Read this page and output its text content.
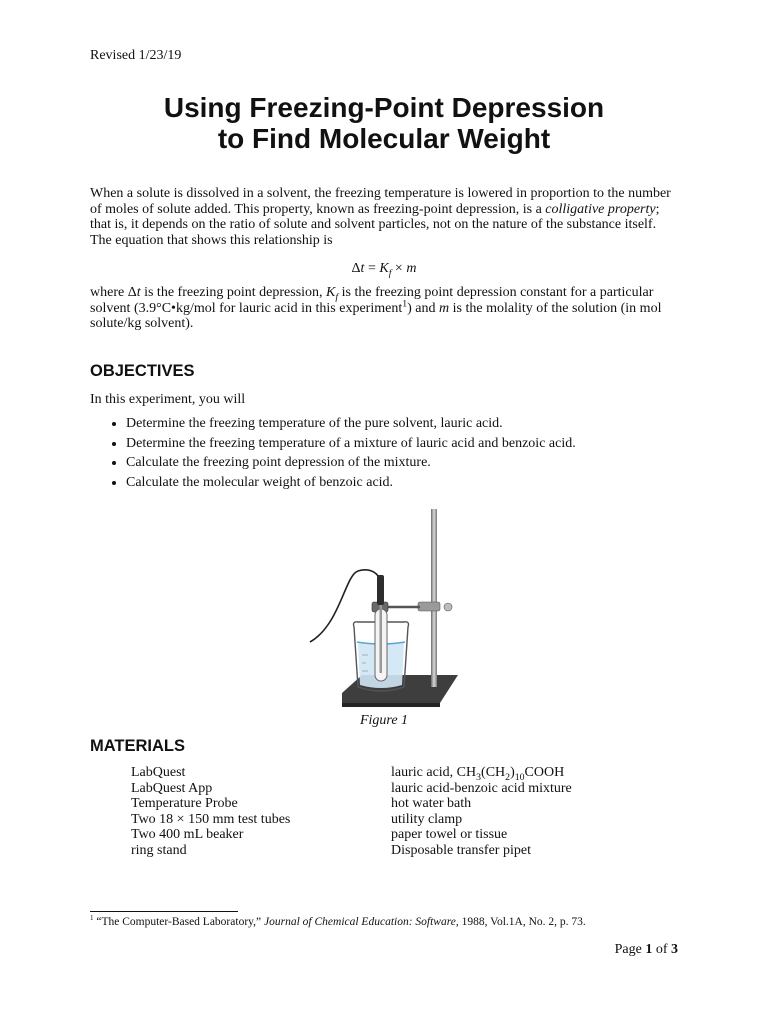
Revised 1/23/19
Using Freezing-Point Depression
to Find Molecular Weight
When a solute is dissolved in a solvent, the freezing temperature is lowered in proportion to the number of moles of solute added. This property, known as freezing-point depression, is a colligative property; that is, it depends on the ratio of solute and solvent particles, not on the nature of the substance itself. The equation that shows this relationship is
$\Delta t = K_f \times m$
where Δt is the freezing point depression, $K_f$ is the freezing point depression constant for a particular solvent (3.9°C•kg/mol for lauric acid in this experiment$^1$) and m is the molality of the solution (in mol solute/kg solvent).
OBJECTIVES
In this experiment, you will
• Determine the freezing temperature of the pure solvent, lauric acid.
• Determine the freezing temperature of a mixture of lauric acid and benzoic acid.
• Calculate the freezing point depression of the mixture.
• Calculate the molecular weight of benzoic acid.
Figure 1
MATERIALS
LabQuest
LabQuest App
Temperature Probe
Two 18 × 150 mm test tubes
Two 400 mL beaker
ring stand
lauric acid, $CH_3(CH_2)_{10}COOH$
lauric acid-benzoic acid mixture
hot water bath
utility clamp
paper towel or tissue
Disposable transfer pipet
$^1$ “The Computer-Based Laboratory,” Journal of Chemical Education: Software, 1988, Vol.1A, No. 2, p. 73.
Page 1 of 3
